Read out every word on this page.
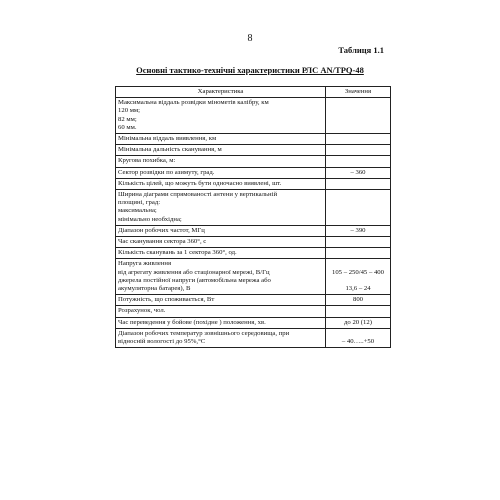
8
Таблиця 1.1
Основні тактико-технічні характеристики РЛС AN/TPQ-48
Характеристика	Значення

Максимальна віддаль розвідки мінометів калібру, км
120 мм;
82 мм;
60 мм.	

Мінімальна віддаль виявлення, км	

Мінімальна дальність сканування, м	

Кругова похибка, м:	

Сектор розвідки по азимуту, град.	– 360

Кількість цілей, що можуть бути одночасно виявлені, шт.	

Ширина діаграми спрямованості антени у вертикальній
площині, град:
максимальна;
мінімально необхідна;	

Діапазон робочих частот, МГц	– 390

Час сканування сектора 360°, с	

Кількість сканувань за 1 сектора 360°, од.	

Напруга живлення
від агрегату живлення або стаціонарної мережі, В/Гц
джерела постійної напруги (автомобільна мережа або
акумуляторна батарея), В	105 – 250/45 – 400

13,6 – 24

Потужність, що споживається, Вт	800

Розрахунок, чол.	

Час переведення у бойове (похідне ) положення, хв.	до 20 (12)

Діапазон робочих температур зовнішнього середовища, при
відносній вологості до 95%,°С	– 40…..+50
